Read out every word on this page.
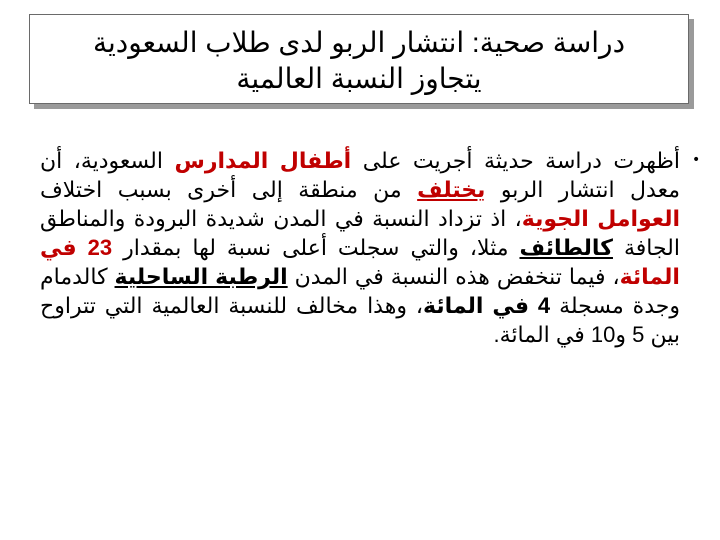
دراسة صحية: انتشار الربو لدى طلاب السعودية
يتجاوز النسبة العالمية
•
أظهرت دراسة حديثة أجريت على أطفال المدارس السعودية، أن معدل انتشار الربو يختلف من منطقة إلى أخرى بسبب اختلاف العوامل الجوية، اذ تزداد النسبة في المدن شديدة البرودة والمناطق الجافة كالطائف مثلا، والتي سجلت أعلى نسبة لها بمقدار 23 في المائة، فيما تنخفض هذه النسبة في المدن الرطبة الساحلية كالدمام وجدة مسجلة 4 في المائة، وهذا مخالف للنسبة العالمية التي تتراوح بين 5 و10 في المائة.
